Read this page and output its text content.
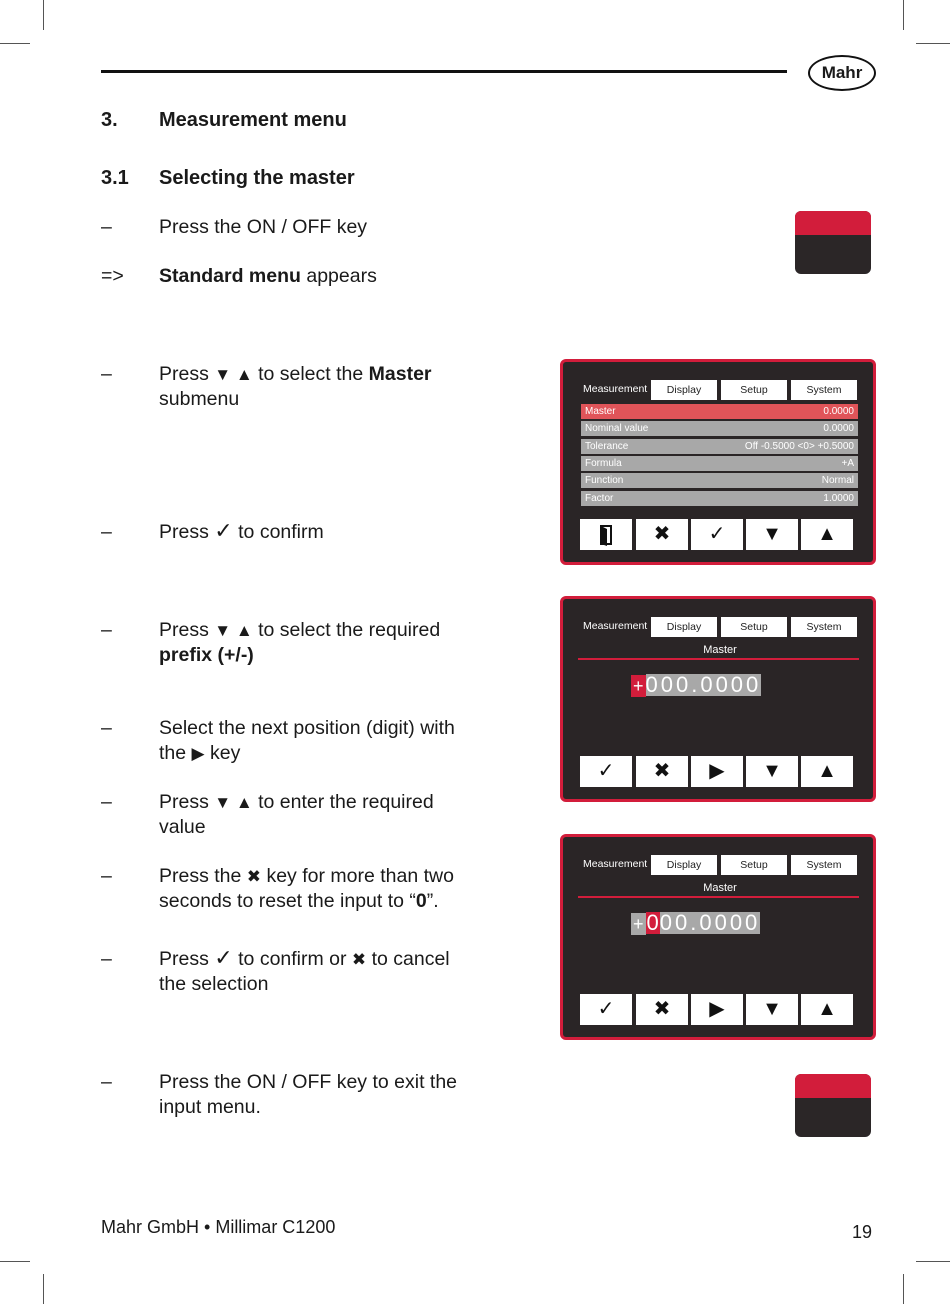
Mahr
3. Measurement menu
3.1 Selecting the master
– Press the ON / OFF key
=> Standard menu appears
– Press ▼ ▲ to select the Master
submenu
– Press ✓ to confirm
– Press ▼ ▲ to select the required
prefix (+/-)
– Select the next position (digit) with
the ▶ key
– Press ▼ ▲ to enter the required
value
– Press the ✖ key for more than two
seconds to reset the input to “0”.
– Press ✓ to confirm or ✖ to cancel
the selection
– Press the ON / OFF key to exit the
input menu.
Measurement	Display	Setup	System
Master	0.0000
Nominal value	0.0000
Tolerance	Off -0.5000 <0> +0.5000
Formula	+A
Function	Normal
Factor	1.0000
✖	✓	▼	▲
Measurement	Display	Setup	System
Master
+000.0000
✓	✖	▶	▼	▲
Measurement	Display	Setup	System
Master
+ 000.0000
✓	✖	▶	▼	▲
Mahr GmbH • Millimar C1200	19
